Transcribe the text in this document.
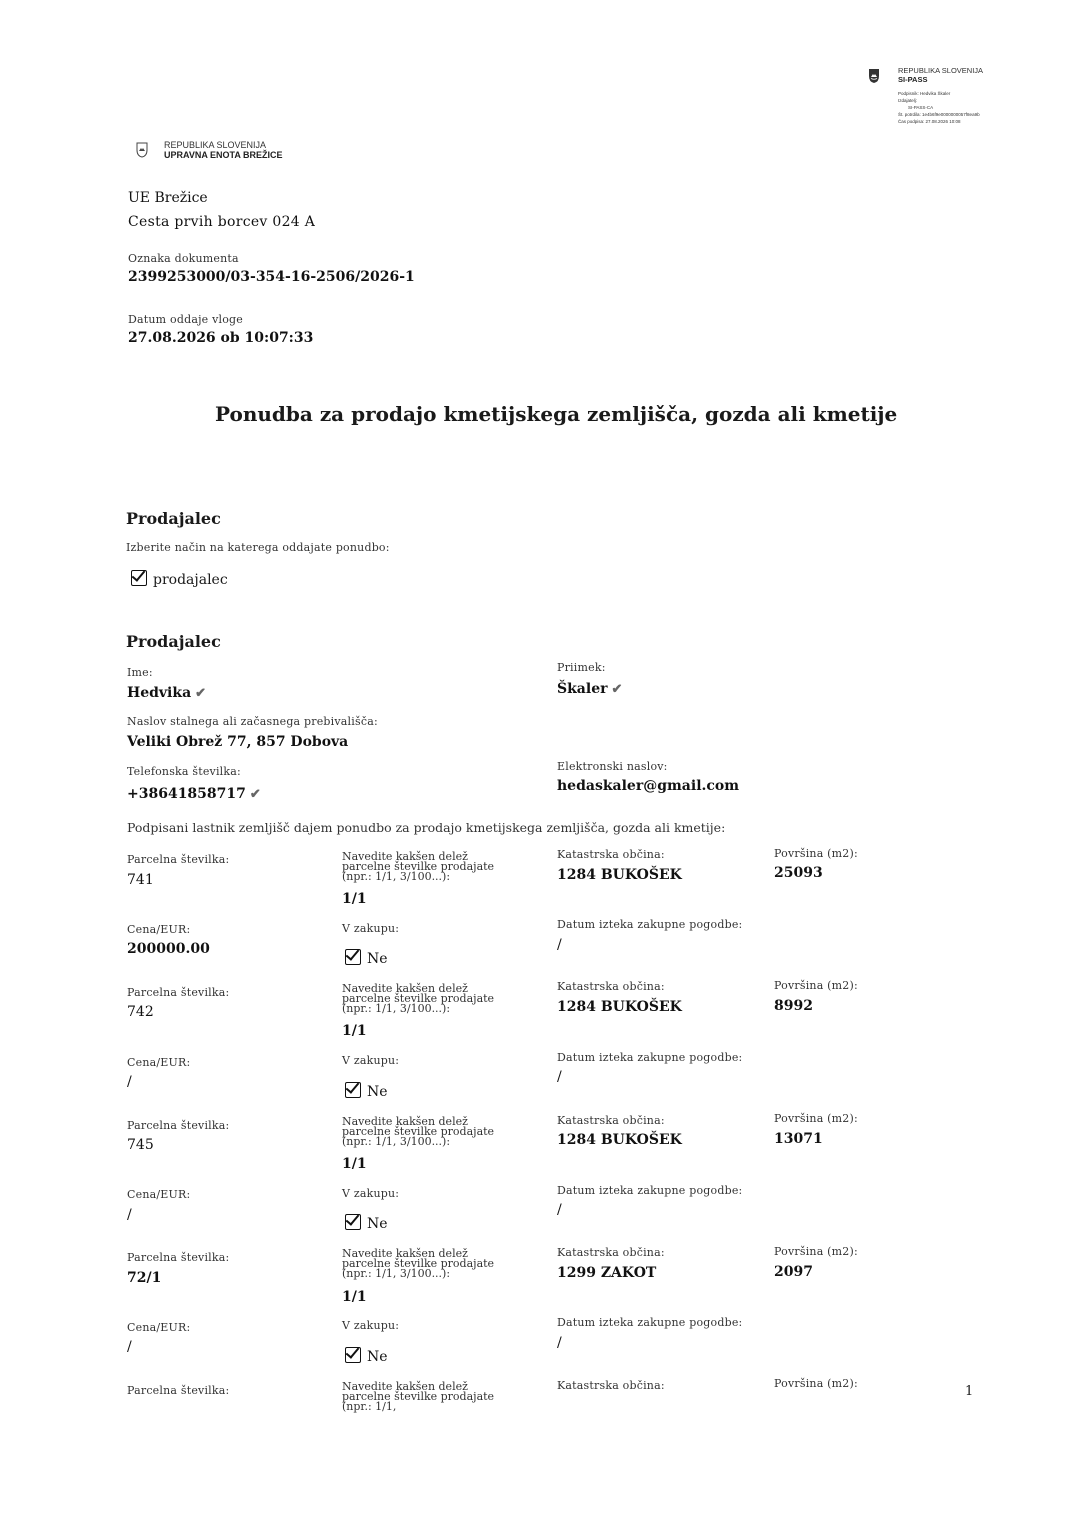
REPUBLIKA SLOVENIJA
SI-PASS
Podpisnik: Hedvika Škaler
Izdajatelj:
SI-PASS-CA
Št. potrdila: 1e4b6f9e0000000057f8ea9b
Čas podpisa: 27.08.2026 10:08
REPUBLIKA SLOVENIJA
UPRAVNA ENOTA BREŽICE
UE Brežice
Cesta prvih borcev 024 A
Oznaka dokumenta
2399253000/03-354-16-2506/2026-1
Datum oddaje vloge
27.08.2026 ob 10:07:33
Ponudba za prodajo kmetijskega zemljišča, gozda ali kmetije
Prodajalec
Izberite način na katerega oddajate ponudbo:
prodajalec
Prodajalec
Ime:
Hedvika ✔
Priimek:
Škaler ✔
Naslov stalnega ali začasnega prebivališča:
Veliki Obrež 77, 857 Dobova
Telefonska številka:
+38641858717 ✔
Elektronski naslov:
hedaskaler@gmail.com
Podpisani lastnik zemljišč dajem ponudbo za prodajo kmetijskega zemljišča, gozda ali kmetije:
Parcelna številka:
741
Navedite kakšen delež parcelne številke prodajate (npr.: 1/1, 3/100...):
1/1
Katastrska občina:
1284 BUKOŠEK
Površina (m2):
25093
Cena/EUR:
200000.00
V zakupu:
Ne
Datum izteka zakupne pogodbe:
/
Parcelna številka:
742
Navedite kakšen delež parcelne številke prodajate (npr.: 1/1, 3/100...):
1/1
Katastrska občina:
1284 BUKOŠEK
Površina (m2):
8992
Cena/EUR:
/
V zakupu:
Ne
Datum izteka zakupne pogodbe:
/
Parcelna številka:
745
Navedite kakšen delež parcelne številke prodajate (npr.: 1/1, 3/100...):
1/1
Katastrska občina:
1284 BUKOŠEK
Površina (m2):
13071
Cena/EUR:
/
V zakupu:
Ne
Datum izteka zakupne pogodbe:
/
Parcelna številka:
72/1
Navedite kakšen delež parcelne številke prodajate (npr.: 1/1, 3/100...):
1/1
Katastrska občina:
1299 ZAKOT
Površina (m2):
2097
Cena/EUR:
/
V zakupu:
Ne
Datum izteka zakupne pogodbe:
/
Parcelna številka:	Navedite kakšen delež parcelne številke prodajate (npr.: 1/1,
Katastrska občina:	Površina (m2):
1
